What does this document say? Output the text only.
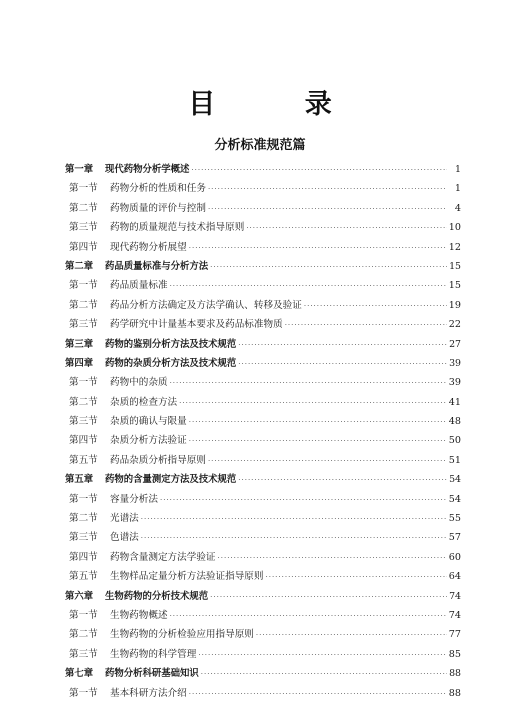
目 录
分析标准规范篇
第一章	现代药物分析学概述 ·····	1
第一节	药物分析的性质和任务 ·····	1
第二节	药物质量的评价与控制 ·····	4
第三节	药物的质量规范与技术指导原则 ·····	10
第四节	现代药物分析展望 ·····	12
第二章	药品质量标准与分析方法 ·····	15
第一节	药品质量标准 ·····	15
第二节	药品分析方法确定及方法学确认、转移及验证 ·····	19
第三节	药学研究中计量基本要求及药品标准物质 ·····	22
第三章	药物的鉴别分析方法及技术规范 ·····	27
第四章	药物的杂质分析方法及技术规范 ·····	39
第一节	药物中的杂质 ·····	39
第二节	杂质的检查方法 ·····	41
第三节	杂质的确认与限量 ·····	48
第四节	杂质分析方法验证 ·····	50
第五节	药品杂质分析指导原则 ·····	51
第五章	药物的含量测定方法及技术规范 ·····	54
第一节	容量分析法 ·····	54
第二节	光谱法 ·····	55
第三节	色谱法 ·····	57
第四节	药物含量测定方法学验证 ·····	60
第五节	生物样品定量分析方法验证指导原则 ·····	64
第六章	生物药物的分析技术规范 ·····	74
第一节	生物药物概述 ·····	74
第二节	生物药物的分析检验应用指导原则 ·····	77
第三节	生物药物的科学管理 ·····	85
第七章	药物分析科研基础知识 ·····	88
第一节	基本科研方法介绍 ·····	88
